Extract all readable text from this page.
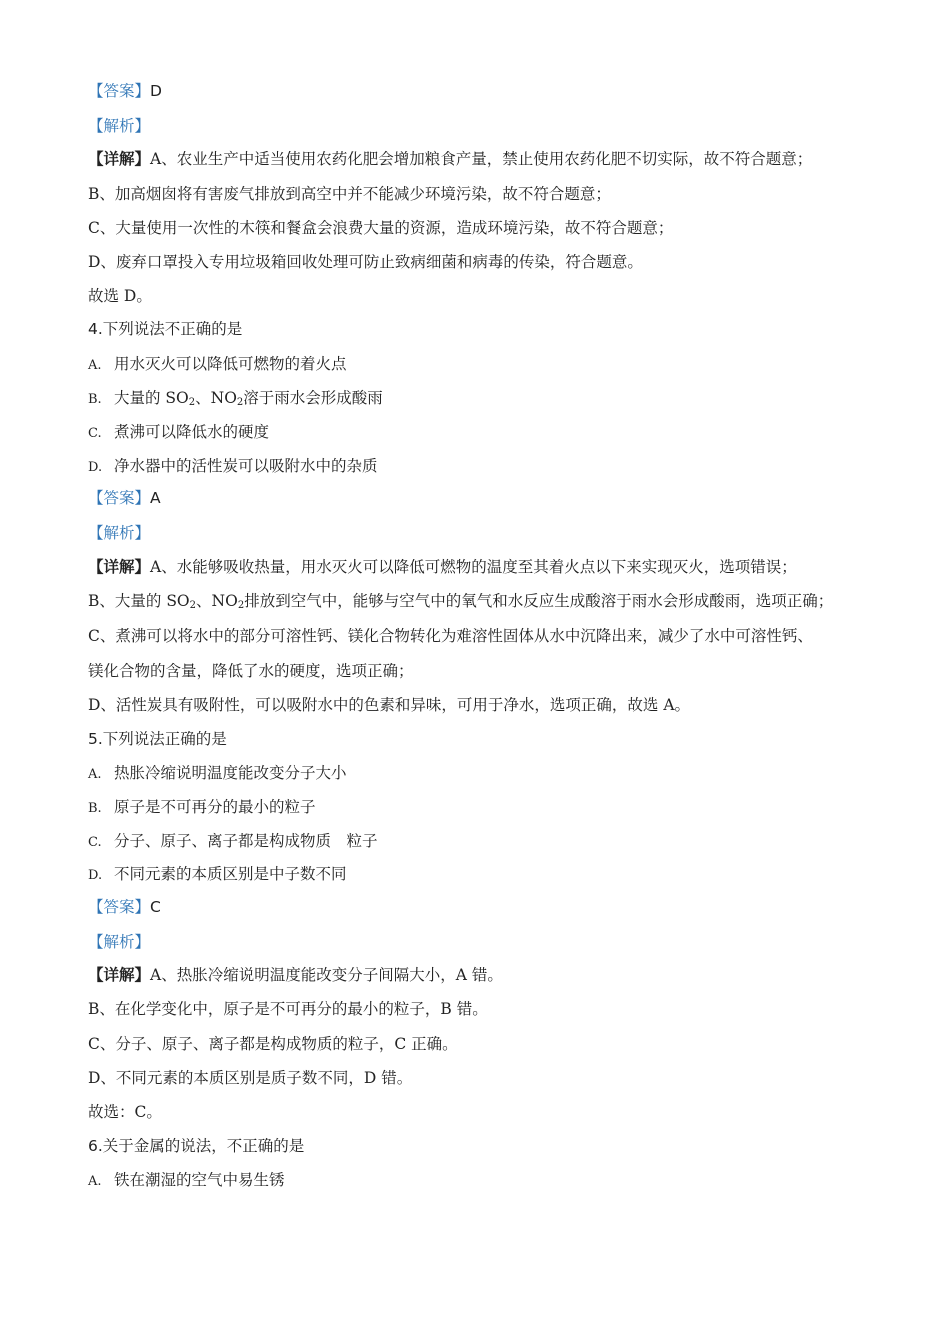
【答案】D
【解析】
【详解】A、农业生产中适当使用农药化肥会增加粮食产量，禁止使用农药化肥不切实际，故不符合题意；
B、加高烟囱将有害废气排放到高空中并不能减少环境污染，故不符合题意；
C、大量使用一次性的木筷和餐盒会浪费大量的资源，造成环境污染，故不符合题意；
D、废弃口罩投入专用垃圾箱回收处理可防止致病细菌和病毒的传染，符合题意。
故选 D。
4.下列说法不正确的是
A. 用水灭火可以降低可燃物的着火点
B. 大量的 $SO_2$、$NO_2$溶于雨水会形成酸雨
C. 煮沸可以降低水的硬度
D. 净水器中的活性炭可以吸附水中的杂质
【答案】A
【解析】
【详解】A、水能够吸收热量，用水灭火可以降低可燃物的温度至其着火点以下来实现灭火，选项错误；
B、大量的 $SO_2$、$NO_2$排放到空气中，能够与空气中的氧气和水反应生成酸溶于雨水会形成酸雨，选项正确；
C、煮沸可以将水中的部分可溶性钙、镁化合物转化为难溶性固体从水中沉降出来，减少了水中可溶性钙、
镁化合物的含量，降低了水的硬度，选项正确；
D、活性炭具有吸附性，可以吸附水中的色素和异味，可用于净水，选项正确，故选 A。
5.下列说法正确的是
A. 热胀冷缩说明温度能改变分子大小
B. 原子是不可再分的最小的粒子
C. 分子、原子、离子都是构成物质　粒子
D. 不同元素的本质区别是中子数不同
【答案】C
【解析】
【详解】A、热胀冷缩说明温度能改变分子间隔大小，A 错。
B、在化学变化中，原子是不可再分的最小的粒子，B 错。
C、分子、原子、离子都是构成物质的粒子，C 正确。
D、不同元素的本质区别是质子数不同，D 错。
故选：C。
6.关于金属的说法，不正确的是
A. 铁在潮湿的空气中易生锈
